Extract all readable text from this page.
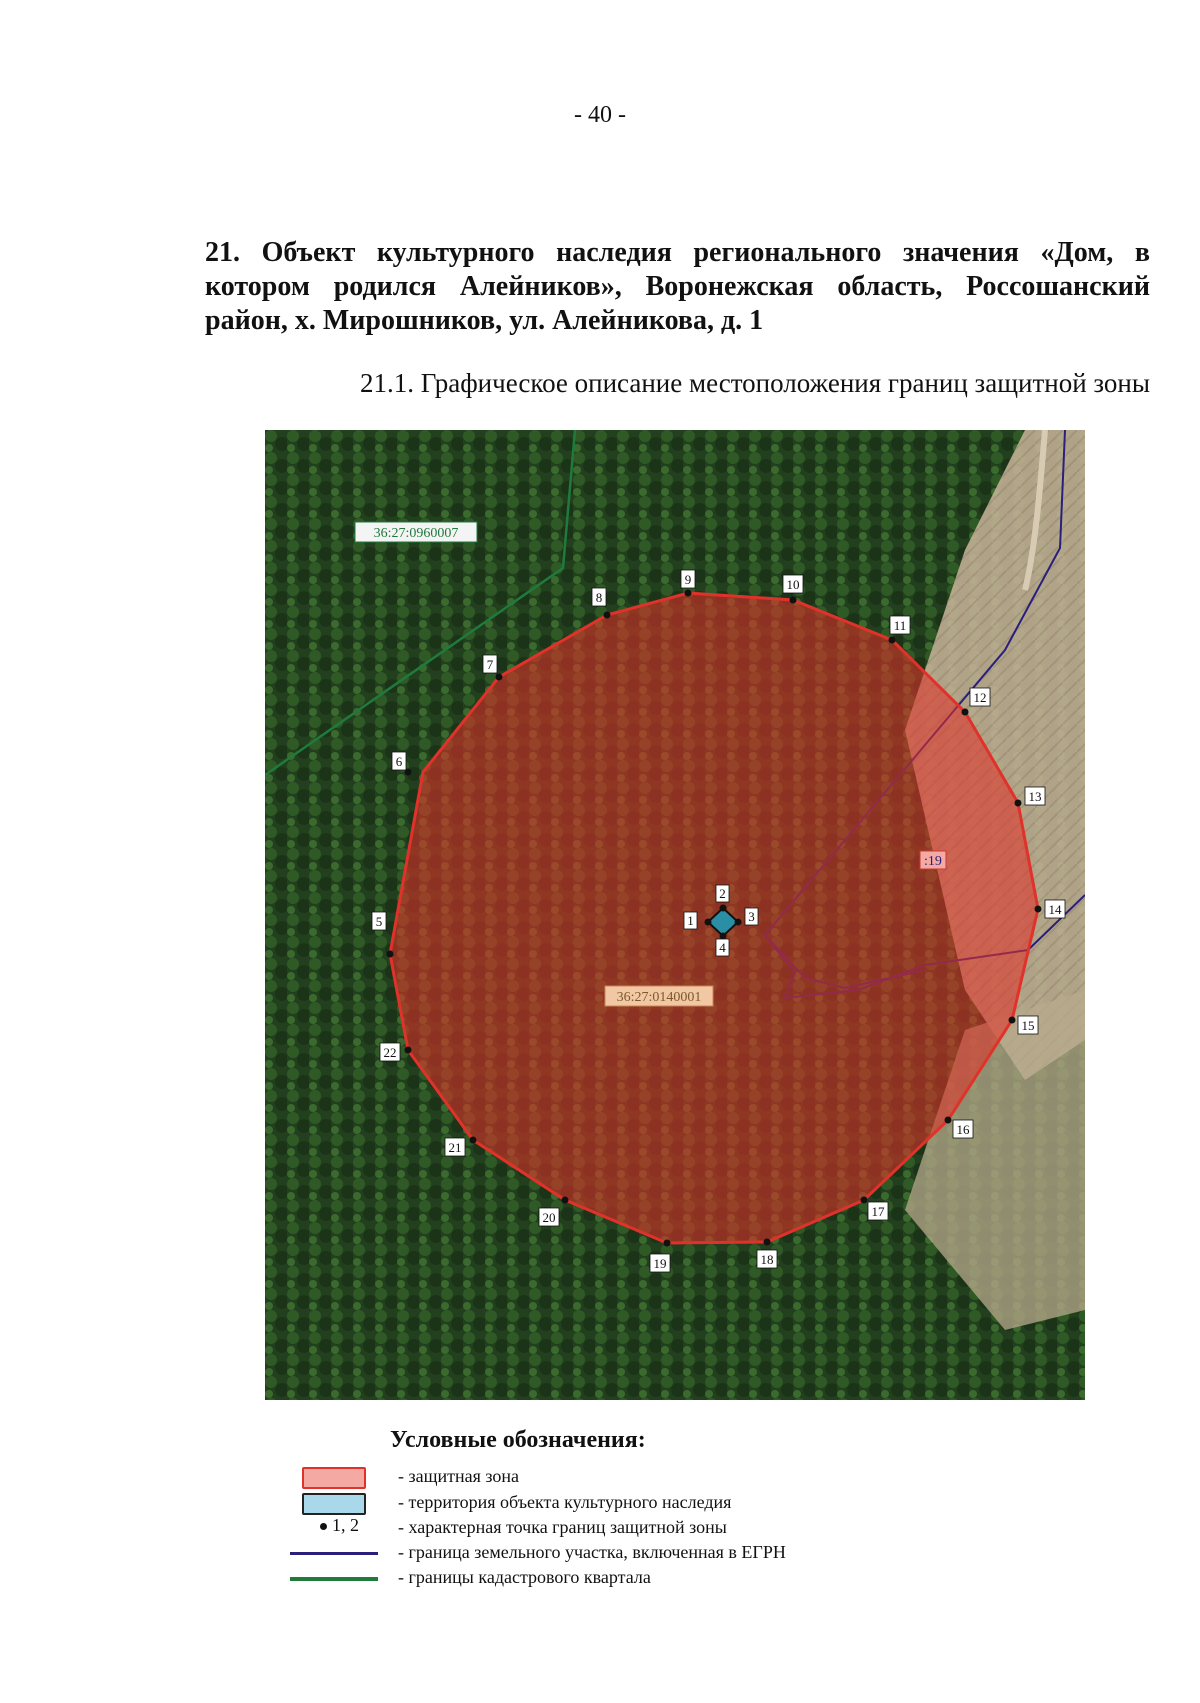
- 40 -
21. Объект культурного наследия регионального значения «Дом, в котором родился Алейников», Воронежская область, Россошанский район, х. Мирошников, ул. Алейникова, д. 1
21.1. Графическое описание местоположения границ защитной зоны
36:27:0960007
36:27:0140001
:19
1
2
3
4
5
6
7
8
9	10
11
12
13
14
15
16
17
18
19
20
21
22
Условные обозначения:
- защитная зона
- территория объекта культурного наследия
1, 2 - характерная точка границ защитной зоны
- граница земельного участка, включенная в ЕГРН
- границы кадастрового квартала
